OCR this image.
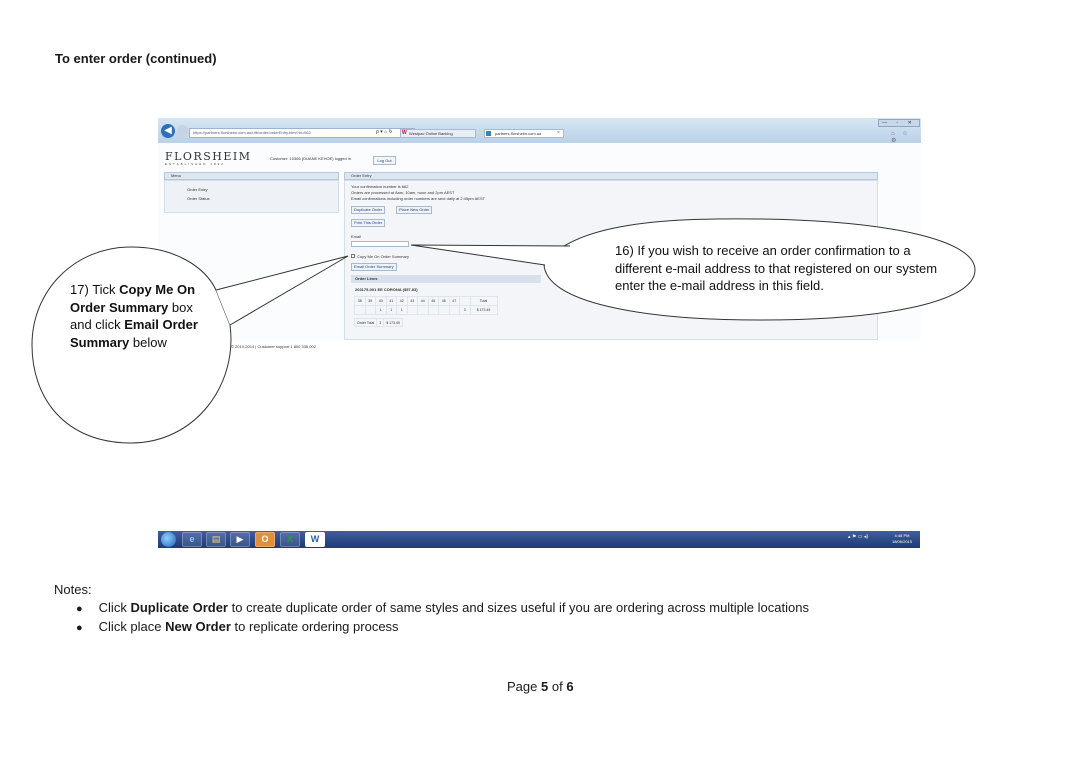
To enter order (continued)
◀	https://partners.florsheim.com.au/ufb/order/orderEntry.html?id=662	ρ ▾ ⌂ ↻	Westpac Online Banking
W	partners.florsheim.com.au	×
— ▫ ✕
⌂ ☆ ⚙
FLORSHEIM
ESTABLISHED 1892
Customer: 10366 (DUANE KEHOE) logged in	Log Out
Menu
Order Entry
Order Status
Order Entry
Your confirmation number is 662
Orders are processed at 8am, 10am, noon and 2pm AEST
Email confirmations including order numbers are sent daily at 2:45pm AEST
Duplicate Order	Place New Order
Print This Order
Email
Copy Me On Order Summary
Email Order Summary
Order Lines
203175-001 EE CORONA ($57.83)
38	39	40	41	42	43	44	45	46	47		Total
		1	1	1						3	$ 173.49
Order Total	3	$ 173.49
© 2010-2014 | Customer support 1 800 335 002
16) If you wish to receive an order confirmation to a different e-mail address to that registered on our system enter the e-mail address in this field.
17) Tick Copy Me On Order Summary box and click Email Order Summary below
e	▤	▶	O	X	W	▴ ⚑ ▭ ◂)	4:48 PM
18/06/2015
Notes:
● Click Duplicate Order to create duplicate order of same styles and sizes useful if you are ordering across multiple locations
● Click place New Order to replicate ordering process
Page 5 of 6
